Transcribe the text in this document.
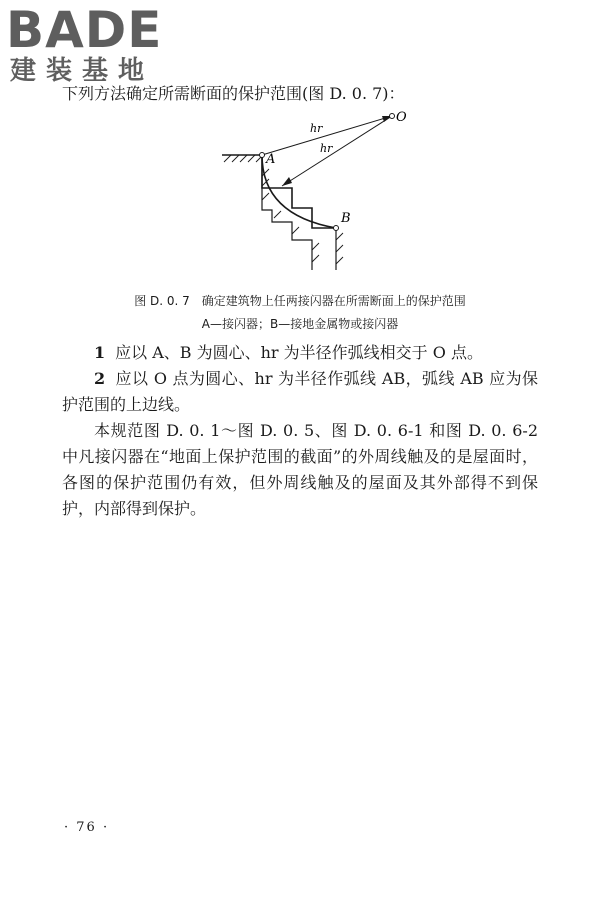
BADE
建装基地
下列方法确定所需断面的保护范围(图 D. 0. 7)：
A
B
O
hr
hr
图 D. 0. 7　确定建筑物上任两接闪器在所需断面上的保护范围
A—接闪器；B—接地金属物或接闪器
1 应以 A、B 为圆心、hr 为半径作弧线相交于 O 点。
2 应以 O 点为圆心、hr 为半径作弧线 AB，弧线 AB 应为保护范围的上边线。
本规范图 D. 0. 1～图 D. 0. 5、图 D. 0. 6-1 和图 D. 0. 6-2 中凡接闪器在“地面上保护范围的截面”的外周线触及的是屋面时，各图的保护范围仍有效，但外周线触及的屋面及其外部得不到保护，内部得到保护。
· 76 ·
